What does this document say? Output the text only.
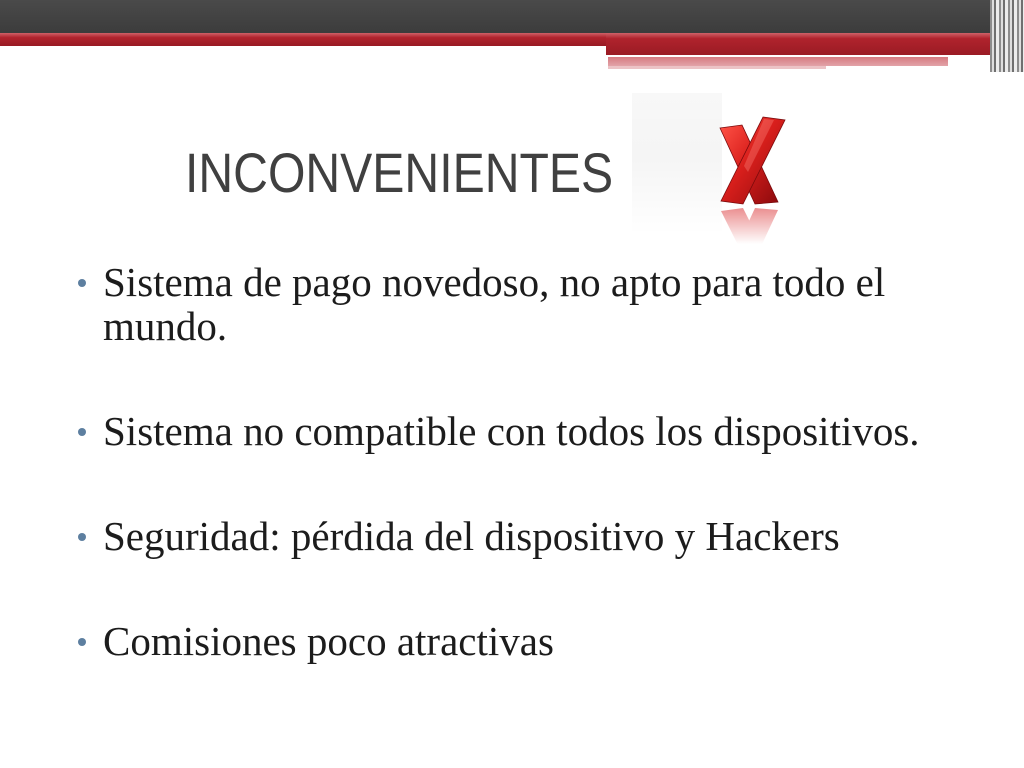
INCONVENIENTES
Sistema de pago novedoso, no apto para todo el mundo.
Sistema no compatible con todos los dispositivos.
Seguridad: pérdida del dispositivo y Hackers
Comisiones poco atractivas
